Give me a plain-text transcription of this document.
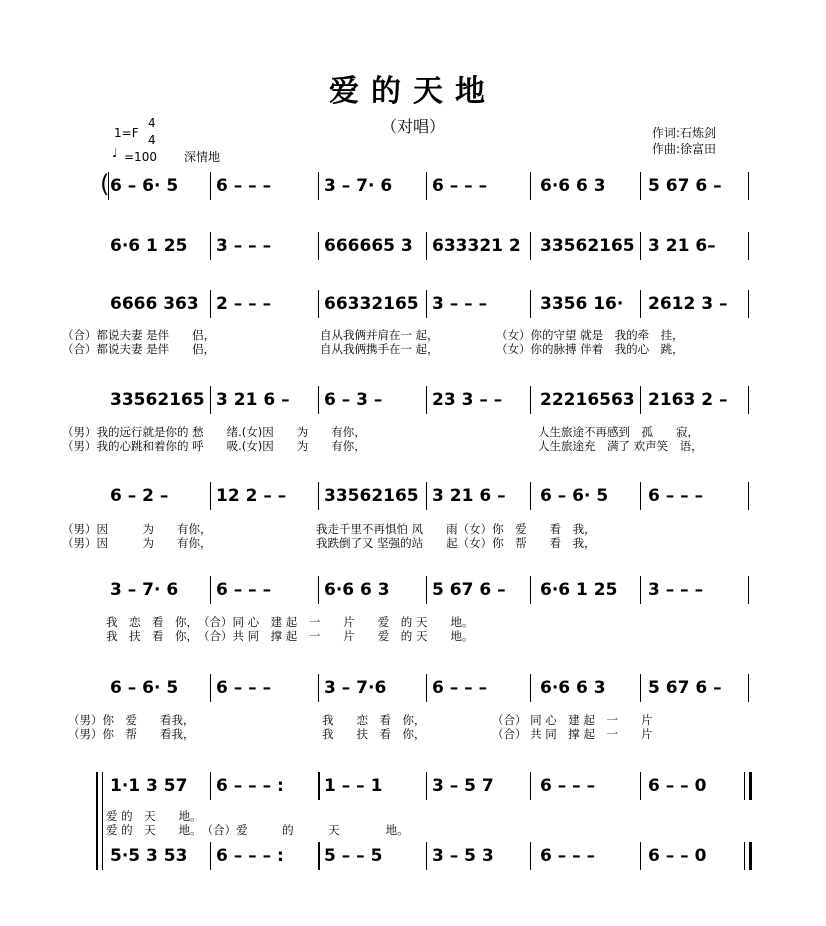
爱的天地
（对唱）	作词:石炼剑
作曲:徐富田
1=F
4
4
♩ =100 深情地
( 6 – 6· 5 6 – – –	3 – 7· 6 6 – – –	6·6 6 3 5 67 6 –
6·6 1 25 3 – – –	666665 3 633321 2 33562165 3 21 6–
6666 363 2 – – –	66332165 3 – – –	3356 16· 2612 3 –
（合）都说夫妻 是伴　　侣，	自从我俩并肩在一 起，	（女）你的守望 就是　我的牵　挂，
（合）都说夫妻 是伴　　侣，	自从我俩携手在一 起，	（女）你的脉搏 伴着　我的心　跳，
33562165 3 21 6 – 6 – 3 –	23 3 – – 22216563 2163 2 –
（男）我的远行就是你的 愁　　绪.(女)因　　为　　有你，	人生旅途不再感到　孤　　寂，
（男）我的心跳和着你的 呼　　吸.(女)因　　为　　有你，	人生旅途充　满了 欢声笑　语，
6 – 2 –	12 2 – – 33562165 3 21 6 – 6 – 6· 5 6 – – –
（男）因　　　为　　有你，	我走千里不再惧怕 风　　雨（女）你　爱　　看　我，
（男）因　　　为　　有你，	我跌倒了又 坚强的站　　起（女）你　帮　　看　我，
3 – 7· 6 6 – – –	6·6 6 3 5 67 6 – 6·6 1 25 3 – – –
我　恋　看　你，　（合）同 心　建 起　一　　片　　爱　的 天　　地。
我　扶　看　你，　（合）共 同　撑 起　一　　片　　爱　的 天　　地。
6 – 6· 5 6 – – –	3 – 7·6	6 – – –	6·6 6 3 5 67 6 –
（男）你　爱　　看我，	我　　恋　看　你，	（合） 同 心　建 起　一　　片
（男）你　帮　　看我，	我　　扶　看　你，	（合） 共 同　撑 起　一　　片
1·1 3 57 6 – – – : 1 – – 1	3 – 5 7	6 – – –	6 – – 0
爱 的　天　　地。
爱 的　天　　地。　（合）爱　　　的　　　天　　　　地。
5·5 3 53 6 – – – : 5 – – 5	3 – 5 3	6 – – –	6 – – 0
